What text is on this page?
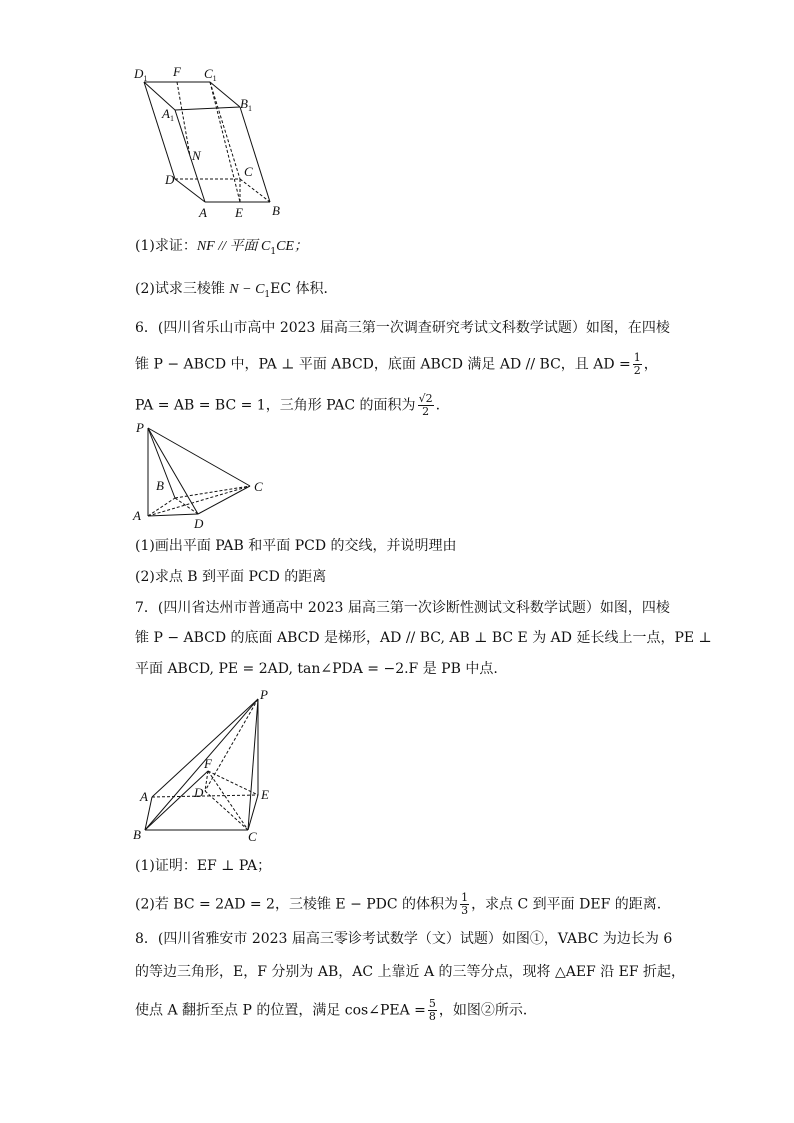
$D_1$ F $C_1$
$B_1$
$A_1$
N
C
D
A E B
(1)求证：NF // 平面 $C_1CE$；
(2)试求三棱锥 $N - C_1EC$ 体积．
6．(四川省乐山市高中 2023 届高三第一次调查研究考试文科数学试题）如图，在四棱
锥 P − ABCD 中，PA ⊥ 平面 ABCD，底面 ABCD 满足 AD // BC，且 AD = $\frac{1}{2}$ ，
PA = AB = BC = 1，三角形 PAC 的面积为 $\frac{√2}{2}$ .
P
B	C
A
D
(1)画出平面 PAB 和平面 PCD 的交线，并说明理由
(2)求点 B 到平面 PCD 的距离
7．(四川省达州市普通高中 2023 届高三第一次诊断性测试文科数学试题）如图，四棱
锥 P − ABCD 的底面 ABCD 是梯形，AD // BC, AB ⊥ BC E 为 AD 延长线上一点，PE ⊥
平面 ABCD, PE = 2AD, tan∠PDA = −2.F 是 PB 中点.
P
F
A	D	E
B	C
(1)证明：EF ⊥ PA；
(2)若 BC = 2AD = 2，三棱锥 E − PDC 的体积为 $\frac{1}{3}$ ，求点 C 到平面 DEF 的距离.
8．(四川省雅安市 2023 届高三零诊考试数学（文）试题）如图①，VABC 为边长为 6
的等边三角形，E，F 分别为 AB，AC 上靠近 A 的三等分点，现将 △AEF 沿 EF 折起，
使点 A 翻折至点 P 的位置，满足 cos∠PEA = $\frac{5}{8}$ ，如图②所示．
